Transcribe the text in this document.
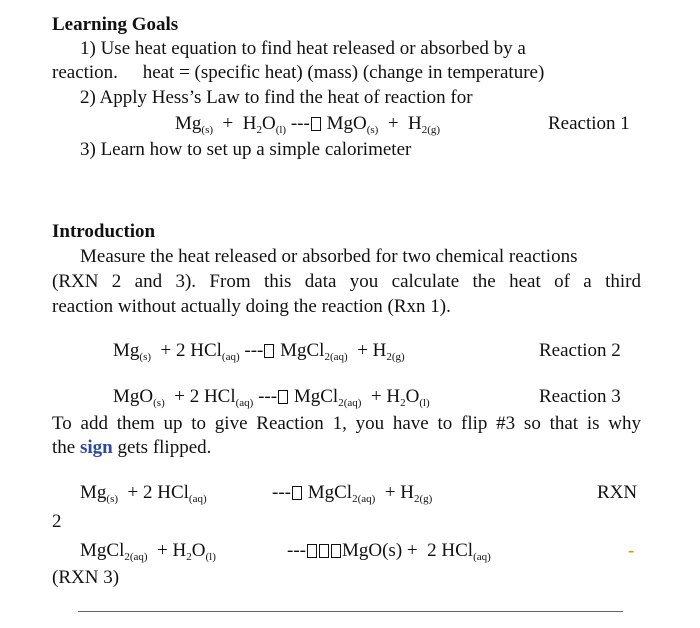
Learning Goals
1) Use heat equation to find heat released or absorbed by a
reaction. heat = (specific heat) (mass) (change in temperature)
2) Apply Hess’s Law to find the heat of reaction for
$Mg_{(s)} + H_2O_{(l)}$ --- $MgO_{(s)} + H_{2(g)}$	Reaction 1
3) Learn how to set up a simple calorimeter
Introduction
Measure the heat released or absorbed for two chemical reactions
(RXN 2 and 3). From this data you calculate the heat of a third
reaction without actually doing the reaction (Rxn 1).
$Mg_{(s)} + 2$ HCl$_{(aq)}$ --- MgCl$_{2(aq)}$ + $H_{2(g)}$	Reaction 2
MgO$_{(s)}$ + 2 HCl$_{(aq)}$ --- MgCl$_{2(aq)}$ + $H_2O_{(l)}$	Reaction 3
To add them up to give Reaction 1, you have to flip #3 so that is why
the sign gets flipped.
$Mg_{(s)} + 2$ HCl$_{(aq)}$	--- MgCl$_{2(aq)}$ + $H_{2(g)}$	RXN
2
MgCl$_{2(aq)}$ + $H_2O_{(l)}$	--- MgO(s) + 2 HCl$_{(aq)}$	-
(RXN 3)
